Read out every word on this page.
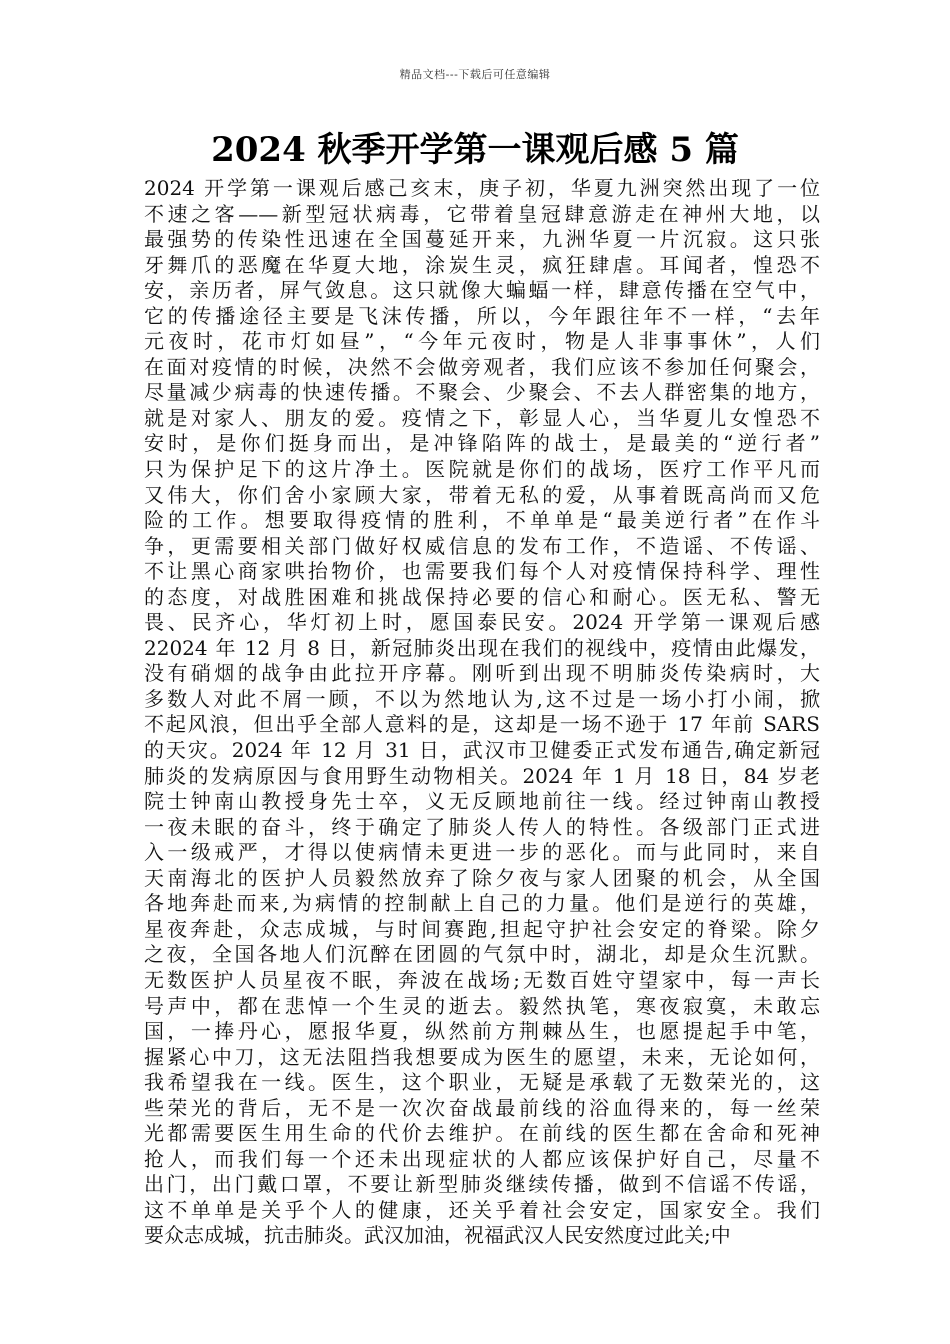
精品文档---下载后可任意编辑
2024 秋季开学第一课观后感 5 篇
2024 开学第一课观后感己亥末，庚子初，华夏九洲突然出现了一位
不速之客——新型冠状病毒，它带着皇冠肆意游走在神州大地，以
最强势的传染性迅速在全国蔓延开来，九洲华夏一片沉寂。这只张
牙舞爪的恶魔在华夏大地，涂炭生灵，疯狂肆虐。耳闻者，惶恐不
安，亲历者，屏气敛息。这只就像大蝙蝠一样，肆意传播在空气中，
它的传播途径主要是飞沫传播，所以，今年跟往年不一样，“去年
元夜时，花市灯如昼”，“今年元夜时，物是人非事事休”，人们
在面对疫情的时候，决然不会做旁观者，我们应该不参加任何聚会，
尽量减少病毒的快速传播。不聚会、少聚会、不去人群密集的地方，
就是对家人、朋友的爱。疫情之下，彰显人心，当华夏儿女惶恐不
安时，是你们挺身而出，是冲锋陷阵的战士，是最美的“逆行者”
只为保护足下的这片净土。医院就是你们的战场，医疗工作平凡而
又伟大，你们舍小家顾大家，带着无私的爱，从事着既高尚而又危
险的工作。想要取得疫情的胜利，不单单是“最美逆行者”在作斗
争，更需要相关部门做好权威信息的发布工作，不造谣、不传谣、
不让黑心商家哄抬物价，也需要我们每个人对疫情保持科学、理性
的态度，对战胜困难和挑战保持必要的信心和耐心。医无私、警无
畏、民齐心，华灯初上时，愿国泰民安。2024 开学第一课观后感
22024 年 12 月 8 日，新冠肺炎出现在我们的视线中，疫情由此爆发，
没有硝烟的战争由此拉开序幕。刚听到出现不明肺炎传染病时，大
多数人对此不屑一顾，不以为然地认为,这不过是一场小打小闹，掀
不起风浪，但出乎全部人意料的是，这却是一场不逊于 17 年前 SARS
的天灾。2024 年 12 月 31 日，武汉市卫健委正式发布通告,确定新冠
肺炎的发病原因与食用野生动物相关。2024 年 1 月 18 日，84 岁老
院士钟南山教授身先士卒，义无反顾地前往一线。经过钟南山教授
一夜未眠的奋斗，终于确定了肺炎人传人的特性。各级部门正式进
入一级戒严，才得以使病情未更进一步的恶化。而与此同时，来自
天南海北的医护人员毅然放弃了除夕夜与家人团聚的机会，从全国
各地奔赴而来,为病情的控制献上自己的力量。他们是逆行的英雄，
星夜奔赴，众志成城，与时间赛跑,担起守护社会安定的脊梁。除夕
之夜，全国各地人们沉醉在团圆的气氛中时，湖北，却是众生沉默。
无数医护人员星夜不眠，奔波在战场;无数百姓守望家中，每一声长
号声中，都在悲悼一个生灵的逝去。毅然执笔，寒夜寂寞，未敢忘
国，一捧丹心，愿报华夏，纵然前方荆棘丛生，也愿提起手中笔，
握紧心中刀，这无法阻挡我想要成为医生的愿望，未来，无论如何，
我希望我在一线。医生，这个职业，无疑是承载了无数荣光的，这
些荣光的背后，无不是一次次奋战最前线的浴血得来的，每一丝荣
光都需要医生用生命的代价去维护。在前线的医生都在舍命和死神
抢人，而我们每一个还未出现症状的人都应该保护好自己，尽量不
出门，出门戴口罩，不要让新型肺炎继续传播，做到不信谣不传谣，
这不单单是关乎个人的健康，还关乎着社会安定，国家安全。我们
要众志成城，抗击肺炎。武汉加油，祝福武汉人民安然度过此关;中
